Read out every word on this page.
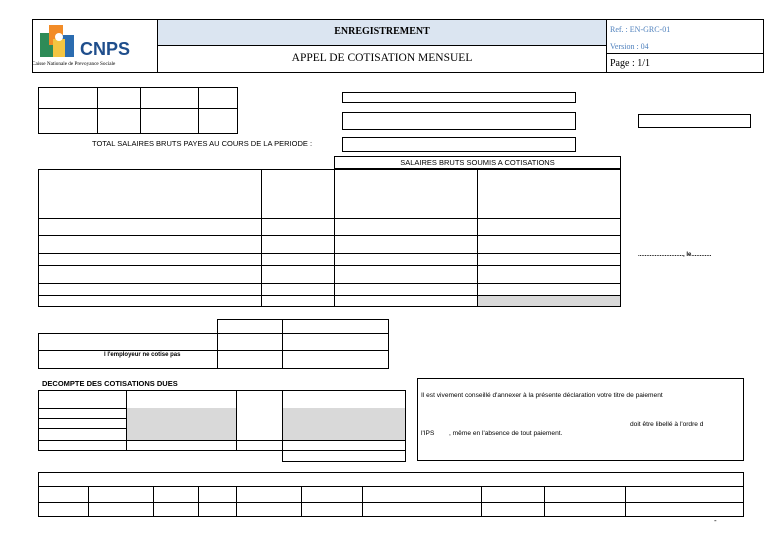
CNPS
Caisse Nationale de Prevoyance Sociale
ENREGISTREMENT
APPEL DE COTISATION MENSUEL
Ref. : EN-GRC-01
Version : 04
Page : 1/1
TOTAL SALAIRES BRUTS PAYES AU COURS DE LA PERIODE :
SALAIRES BRUTS SOUMIS A COTISATIONS
..........................., le............
l l'employeur ne cotise pas
DECOMPTE DES COTISATIONS DUES
Il est vivement conseillé d'annexer à la présente déclaration votre titre de paiement
doit être libellé à l'ordre d
l'IPS        , même en l'absence de tout paiement.
-
